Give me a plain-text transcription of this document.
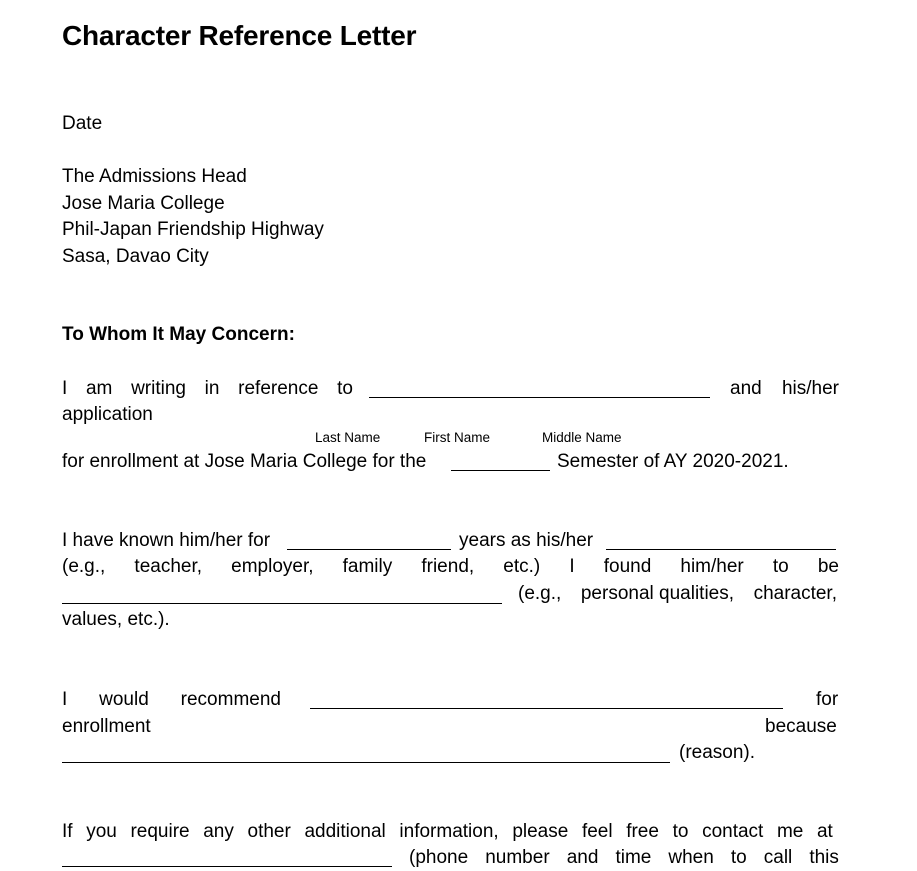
Character Reference Letter
Date
The Admissions Head
Jose Maria College
Phil-Japan Friendship Highway
Sasa, Davao City
To Whom It May Concern:
I am writing in reference to	and his/her
application
Last Name	First Name	Middle Name
for enrollment at Jose Maria College for the	Semester of AY 2020-2021.
I have known him/her for	years as his/her
(e.g., teacher, employer, family friend, etc.) I found him/her to be
(e.g., personal qualities, character,
values, etc.).
I would recommend	for
enrollment	because
(reason).
If you require any other additional information, please feel free to contact me at
(phone number and time when to call this
